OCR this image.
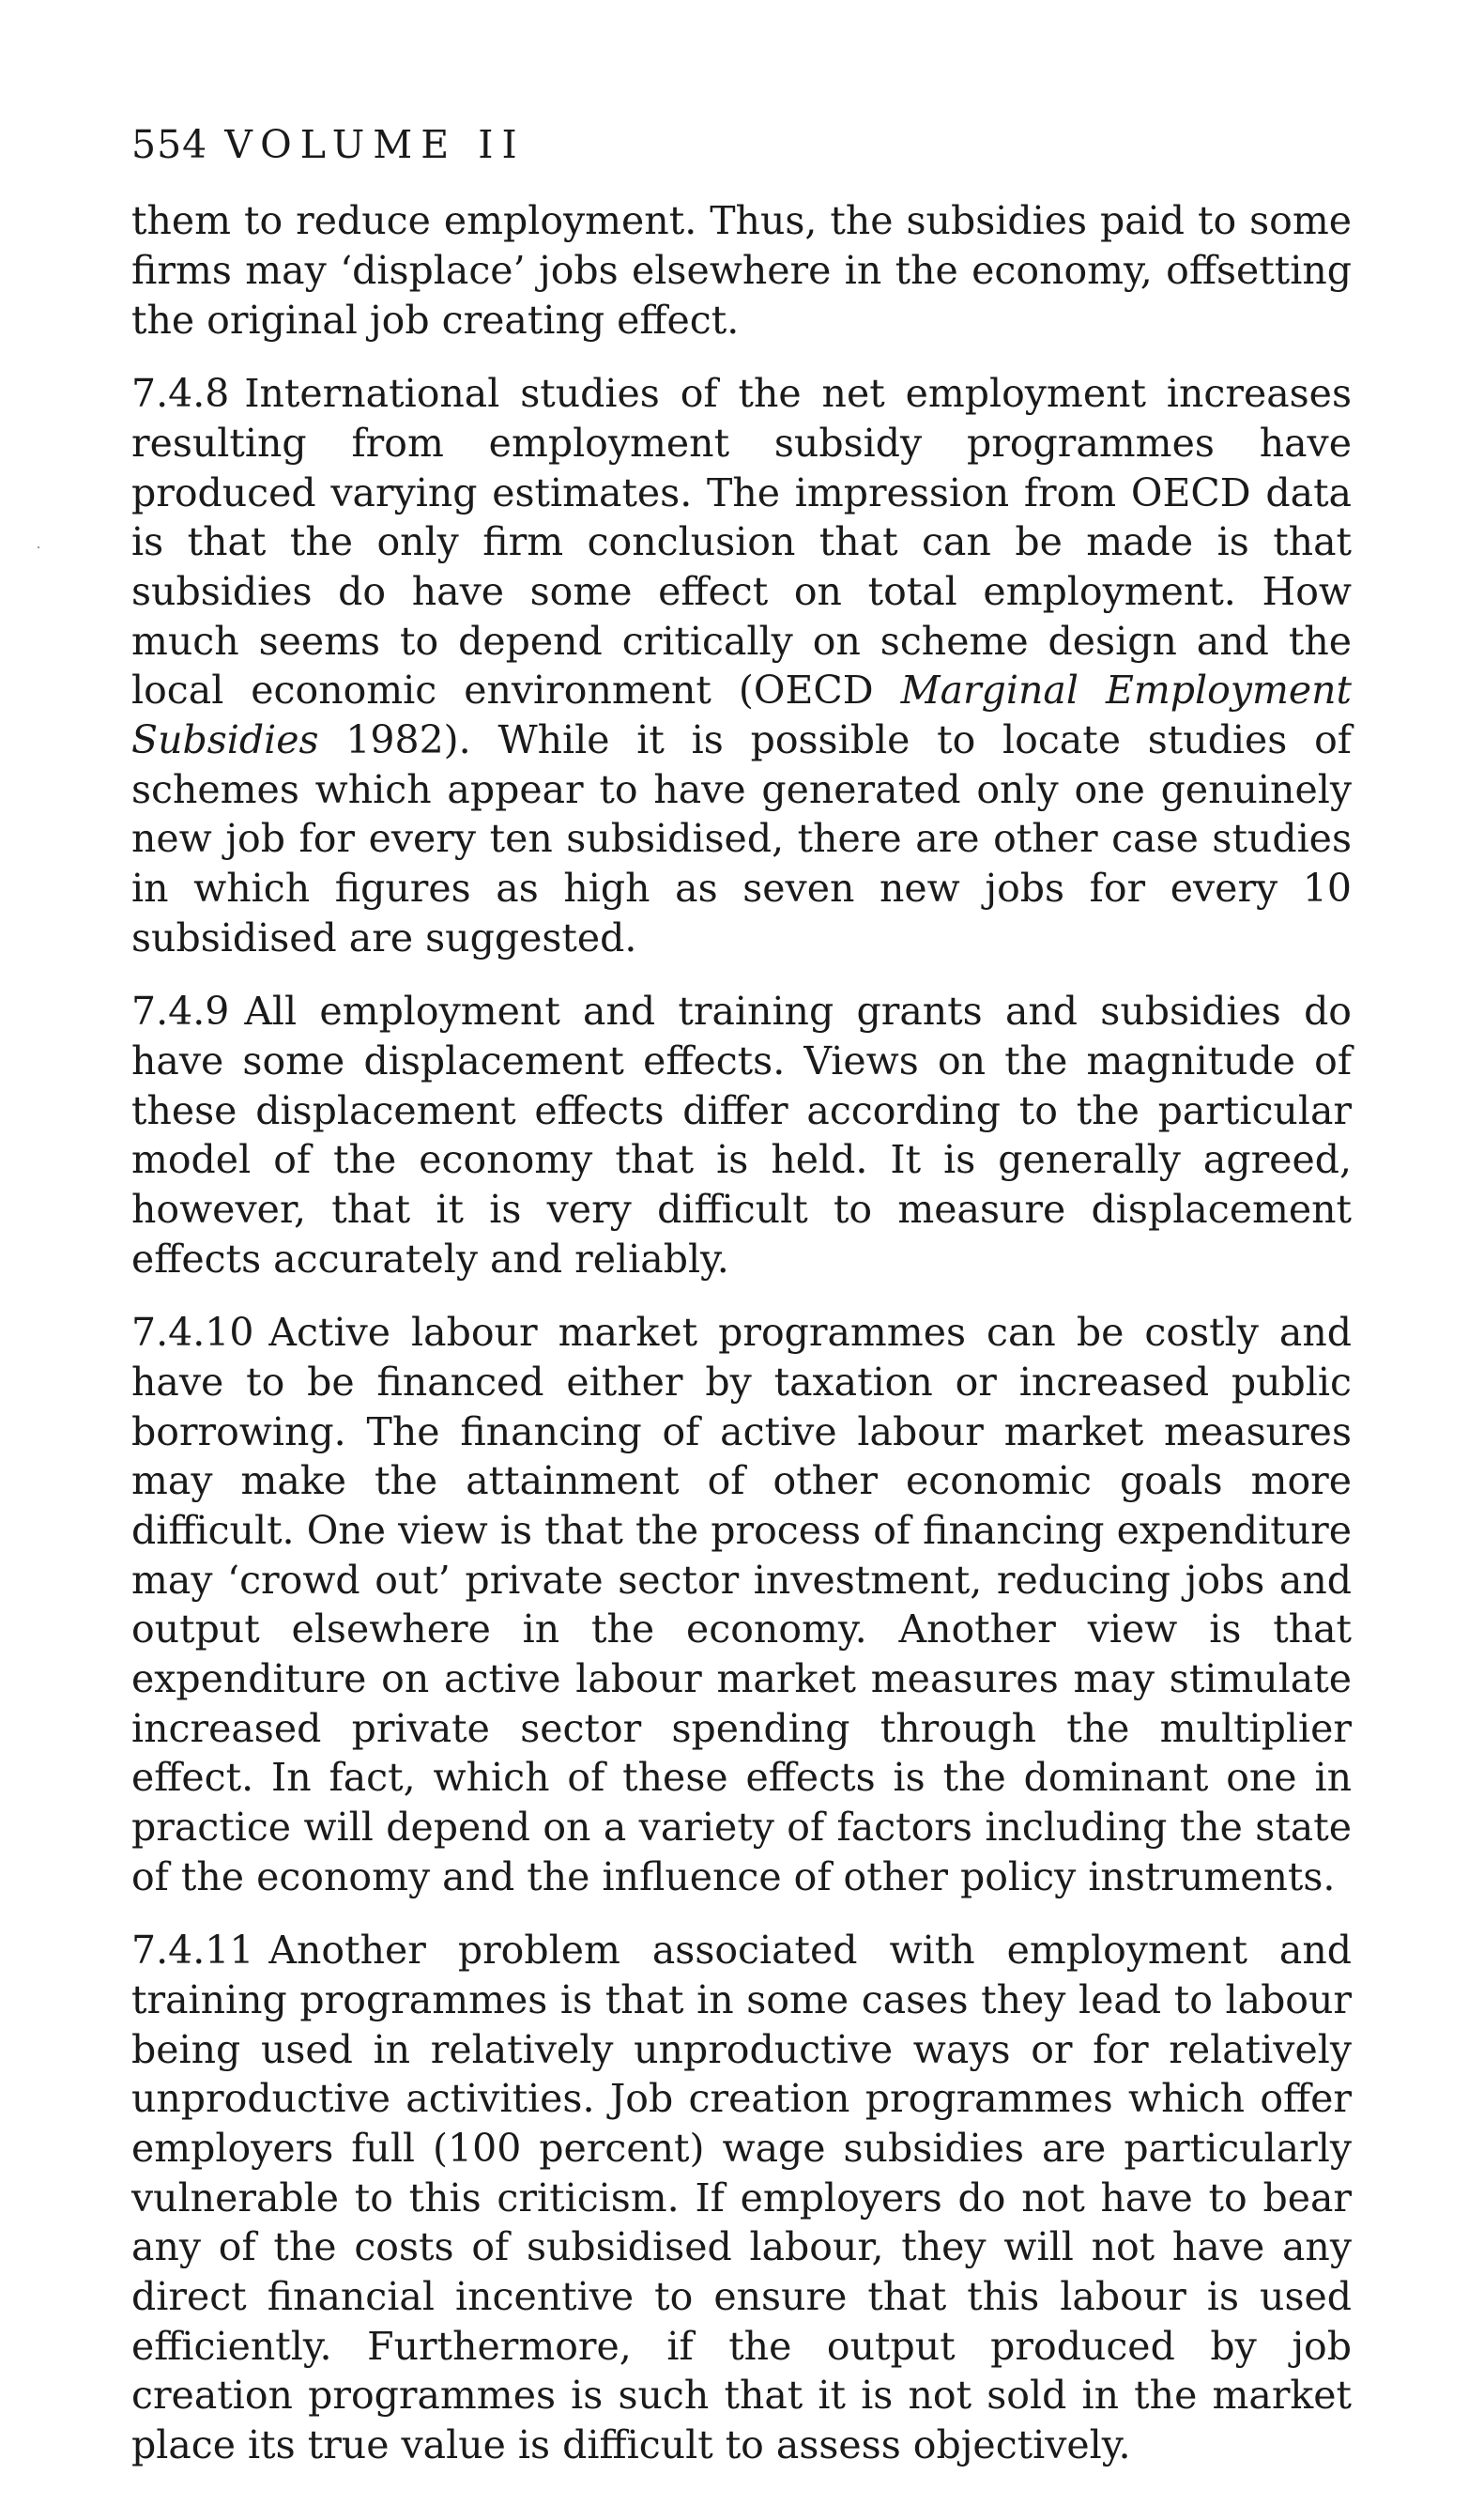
554 VOLUME II

them to reduce employment. Thus, the subsidies paid to some firms may ‘displace’ jobs elsewhere in the economy, offsetting the original job creating effect.

7.4.8 International studies of the net employment increases resulting from employment subsidy programmes have produced varying estimates. The impression from OECD data is that the only firm conclusion that can be made is that subsidies do have some effect on total employment. How much seems to depend critically on scheme design and the local economic environment (OECD Marginal Employment Subsidies 1982). While it is possible to locate studies of schemes which appear to have generated only one genuinely new job for every ten subsidised, there are other case studies in which figures as high as seven new jobs for every 10 subsidised are suggested.

7.4.9 All employment and training grants and subsidies do have some displacement effects. Views on the magnitude of these displacement effects differ according to the particular model of the economy that is held. It is generally agreed, however, that it is very difficult to measure displacement effects accurately and reliably.

7.4.10 Active labour market programmes can be costly and have to be financed either by taxation or increased public borrowing. The financing of active labour market measures may make the attainment of other economic goals more difficult. One view is that the process of financing expenditure may ‘crowd out’ private sector investment, reducing jobs and output elsewhere in the economy. Another view is that expenditure on active labour market measures may stimulate increased private sector spending through the multiplier effect. In fact, which of these effects is the dominant one in practice will depend on a variety of factors including the state of the economy and the influence of other policy instruments.

7.4.11 Another problem associated with employment and training programmes is that in some cases they lead to labour being used in relatively unproductive ways or for relatively unproductive activities. Job creation programmes which offer employers full (100 percent) wage subsidies are particularly vulnerable to this criticism. If employers do not have to bear any of the costs of subsidised labour, they will not have any direct financial incentive to ensure that this labour is used efficiently. Furthermore, if the output produced by job creation programmes is such that it is not sold in the market place its true value is difficult to assess objectively.
